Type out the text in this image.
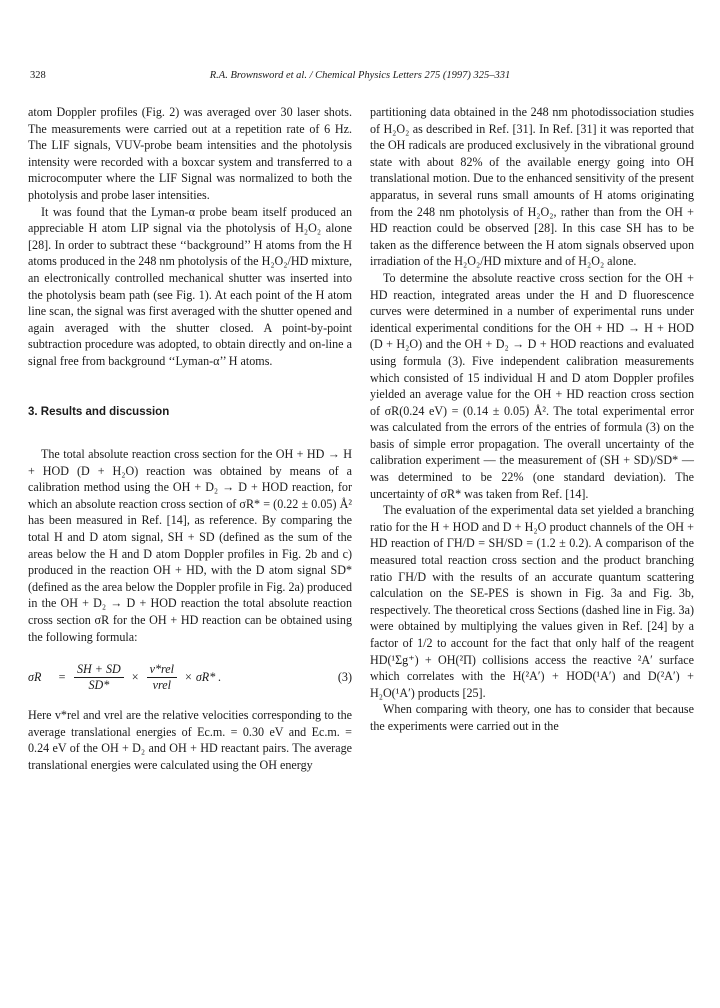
328	R.A. Brownsword et al. / Chemical Physics Letters 275 (1997) 325–331

atom Doppler profiles (Fig. 2) was averaged over 30 laser shots. The measurements were carried out at a repetition rate of 6 Hz. The LIF signals, VUV-probe beam intensities and the photolysis intensity were recorded with a boxcar system and transferred to a microcomputer where the LIF Signal was normalized to both the photolysis and probe laser intensities.

It was found that the Lyman-α probe beam itself produced an appreciable H atom LIP signal via the photolysis of H₂O₂ alone [28]. In order to subtract these ‘‘background’’ H atoms from the H atoms produced in the 248 nm photolysis of the H₂O₂/HD mixture, an electronically controlled mechanical shutter was inserted into the photolysis beam path (see Fig. 1). At each point of the H atom line scan, the signal was first averaged with the shutter opened and again averaged with the shutter closed. A point-by-point subtraction procedure was adopted, to obtain directly and on-line a signal free from background ‘‘Lyman-α’’ H atoms.

3. Results and discussion

The total absolute reaction cross section for the OH + HD → H + HOD (D + H₂O) reaction was obtained by means of a calibration method using the OH + D₂ → D + HOD reaction, for which an absolute reaction cross section of σR* = (0.22 ± 0.05) Å² has been measured in Ref. [14], as reference. By comparing the total H and D atom signal, SH + SD (defined as the sum of the areas below the H and D atom Doppler profiles in Fig. 2b and c) produced in the reaction OH + HD, with the D atom signal SD* (defined as the area below the Doppler profile in Fig. 2a) produced in the OH + D₂ → D + HOD reaction the total absolute reaction cross section σR for the OH + HD reaction can be obtained using the following formula:

σR	= $\frac{SH + SD}{SD*} \times \frac{\text{v*rel}}{\text{vrel}} \times \sigma R*$ .	(3)

Here v*rel and vrel are the relative velocities corresponding to the average translational energies of Ec.m. = 0.30 eV and Ec.m. = 0.24 eV of the OH + D₂ and OH + HD reactant pairs. The average translational energies were calculated using the OH energy

partitioning data obtained in the 248 nm photodissociation studies of H₂O₂ as described in Ref. [31]. In Ref. [31] it was reported that the OH radicals are produced exclusively in the vibrational ground state with about 82% of the available energy going into OH translational motion. Due to the enhanced sensitivity of the present apparatus, in several runs small amounts of H atoms originating from the 248 nm photolysis of H₂O₂, rather than from the OH + HD reaction could be observed [28]. In this case SH has to be taken as the difference between the H atom signals observed upon irradiation of the H₂O₂/HD mixture and of H₂O₂ alone.

To determine the absolute reactive cross section for the OH + HD reaction, integrated areas under the H and D fluorescence curves were determined in a number of experimental runs under identical experimental conditions for the OH + HD → H + HOD (D + H₂O) and the OH + D₂ → D + HOD reactions and evaluated using formula (3). Five independent calibration measurements which consisted of 15 individual H and D atom Doppler profiles yielded an average value for the OH + HD reaction cross section of σR(0.24 eV) = (0.14 ± 0.05) Å². The total experimental error was calculated from the errors of the entries of formula (3) on the basis of simple error propagation. The overall uncertainty of the calibration experiment — the measurement of (SH + SD)/SD* — was determined to be 22% (one standard deviation). The uncertainty of σR* was taken from Ref. [14].

The evaluation of the experimental data set yielded a branching ratio for the H + HOD and D + H₂O product channels of the OH + HD reaction of ΓH/D = SH/SD = (1.2 ± 0.2). A comparison of the measured total reaction cross section and the product branching ratio ΓH/D with the results of an accurate quantum scattering calculation on the SE-PES is shown in Fig. 3a and Fig. 3b, respectively. The theoretical cross Sections (dashed line in Fig. 3a) were obtained by multiplying the values given in Ref. [24] by a factor of 1/2 to account for the fact that only half of the reagent HD(¹Σg⁺) + OH(²Π) collisions access the reactive ²A′ surface which correlates with the H(²A′) + HOD(¹A′) and D(²A′) + H₂O(¹A′) products [25].

When comparing with theory, one has to consider that because the experiments were carried out in the
